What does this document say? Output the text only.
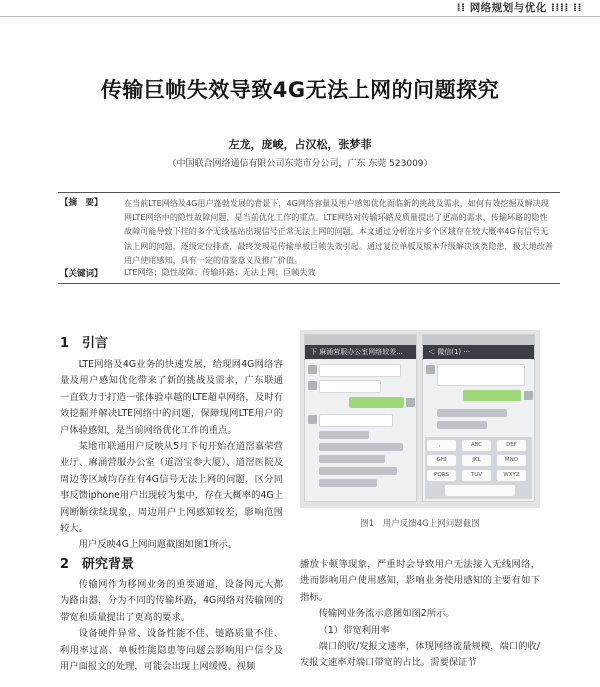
⁞⁞ 网络规划与优化 ⁞⁞⁞⁞ ⁞⁞
传输巨帧失效导致4G无法上网的问题探究
左龙，庞峻，占汉松，张梦菲
（中国联合网络通信有限公司东莞市分公司，广东 东莞 523009）
【摘　要】	在当前LTE网络及4G用户蓬勃发展的背景下，4G网络容量及用户感知优化面临新的挑战及需求，如何有效挖掘及解决现网LTE网络中的隐性故障问题，是当前优化工作的重点。LTE网络对传输环路及质量提出了更高的需求，传输环路的隐性故障可能导致下挂的多个无线基站出现信号正常无法上网的问题。本文通过分析连片多个区域存在较大概率4G有信号无法上网的问题，逐级定位排查，最终发现是传输单板巨帧失效引起。通过复位单板及版本升级解决该类隐患，极大地改善用户使用感知，具有一定的借鉴意义及推广价值。
【关键词】	LTE网络；隐性故障；传输环路；无法上网；巨帧失效
1　引言

LTE网络及4G业务的快速发展，给现网4G网络容量及用户感知优化带来了新的挑战及需求，广东联通一直致力于打造一张体验卓越的LTE超卓网络，及时有效挖掘并解决LTE网络中的问题，保障现网LTE用户的户体验感知，是当前网络优化工作的重点。

某地市联通用户反映从5月下旬开始在道滘嘉荣营业厅、麻涌营服办公室（道滘宝参大厦）、道滘医院及周边等区域均存在有4G信号无法上网的问题，区分同事反馈iphone用户出现较为集中，存在大概率的4G上网断断续续现象，周边用户上网感知较差，影响范围较大。

用户反映4G上网问题截图如图1所示。

2　研究背景

传输网作为移网业务的重要通道，设备网元大都为路由器，分为不同的传输环路，4G网络对传输网的带宽和质量提出了更高的要求。

设备硬件异常、设备性能不佳、链路质量不佳、利用率过高、单板性能隐患等问题会影响用户信令及用户面报文的处理，可能会出现上网缓慢、视频

播放卡顿等现象，严重时会导致用户无法接入无线网络，进而影响用户使用感知，影响业务使用感知的主要有如下指标。

传输网业务流示意图如图2所示。

（1）带宽利用率

端口的收/发报文速率，体现网络流量规模，端口的收/发报文速率对端口带宽的占比。需要保证节

下 麻涌营服办公室网络较差...	＜ 微信(1) ···
，	ABC	DEF
GHI	JKL	MNO
PQRS	TUV	WXYZ
图1　用户反馈4G上网问题截图
